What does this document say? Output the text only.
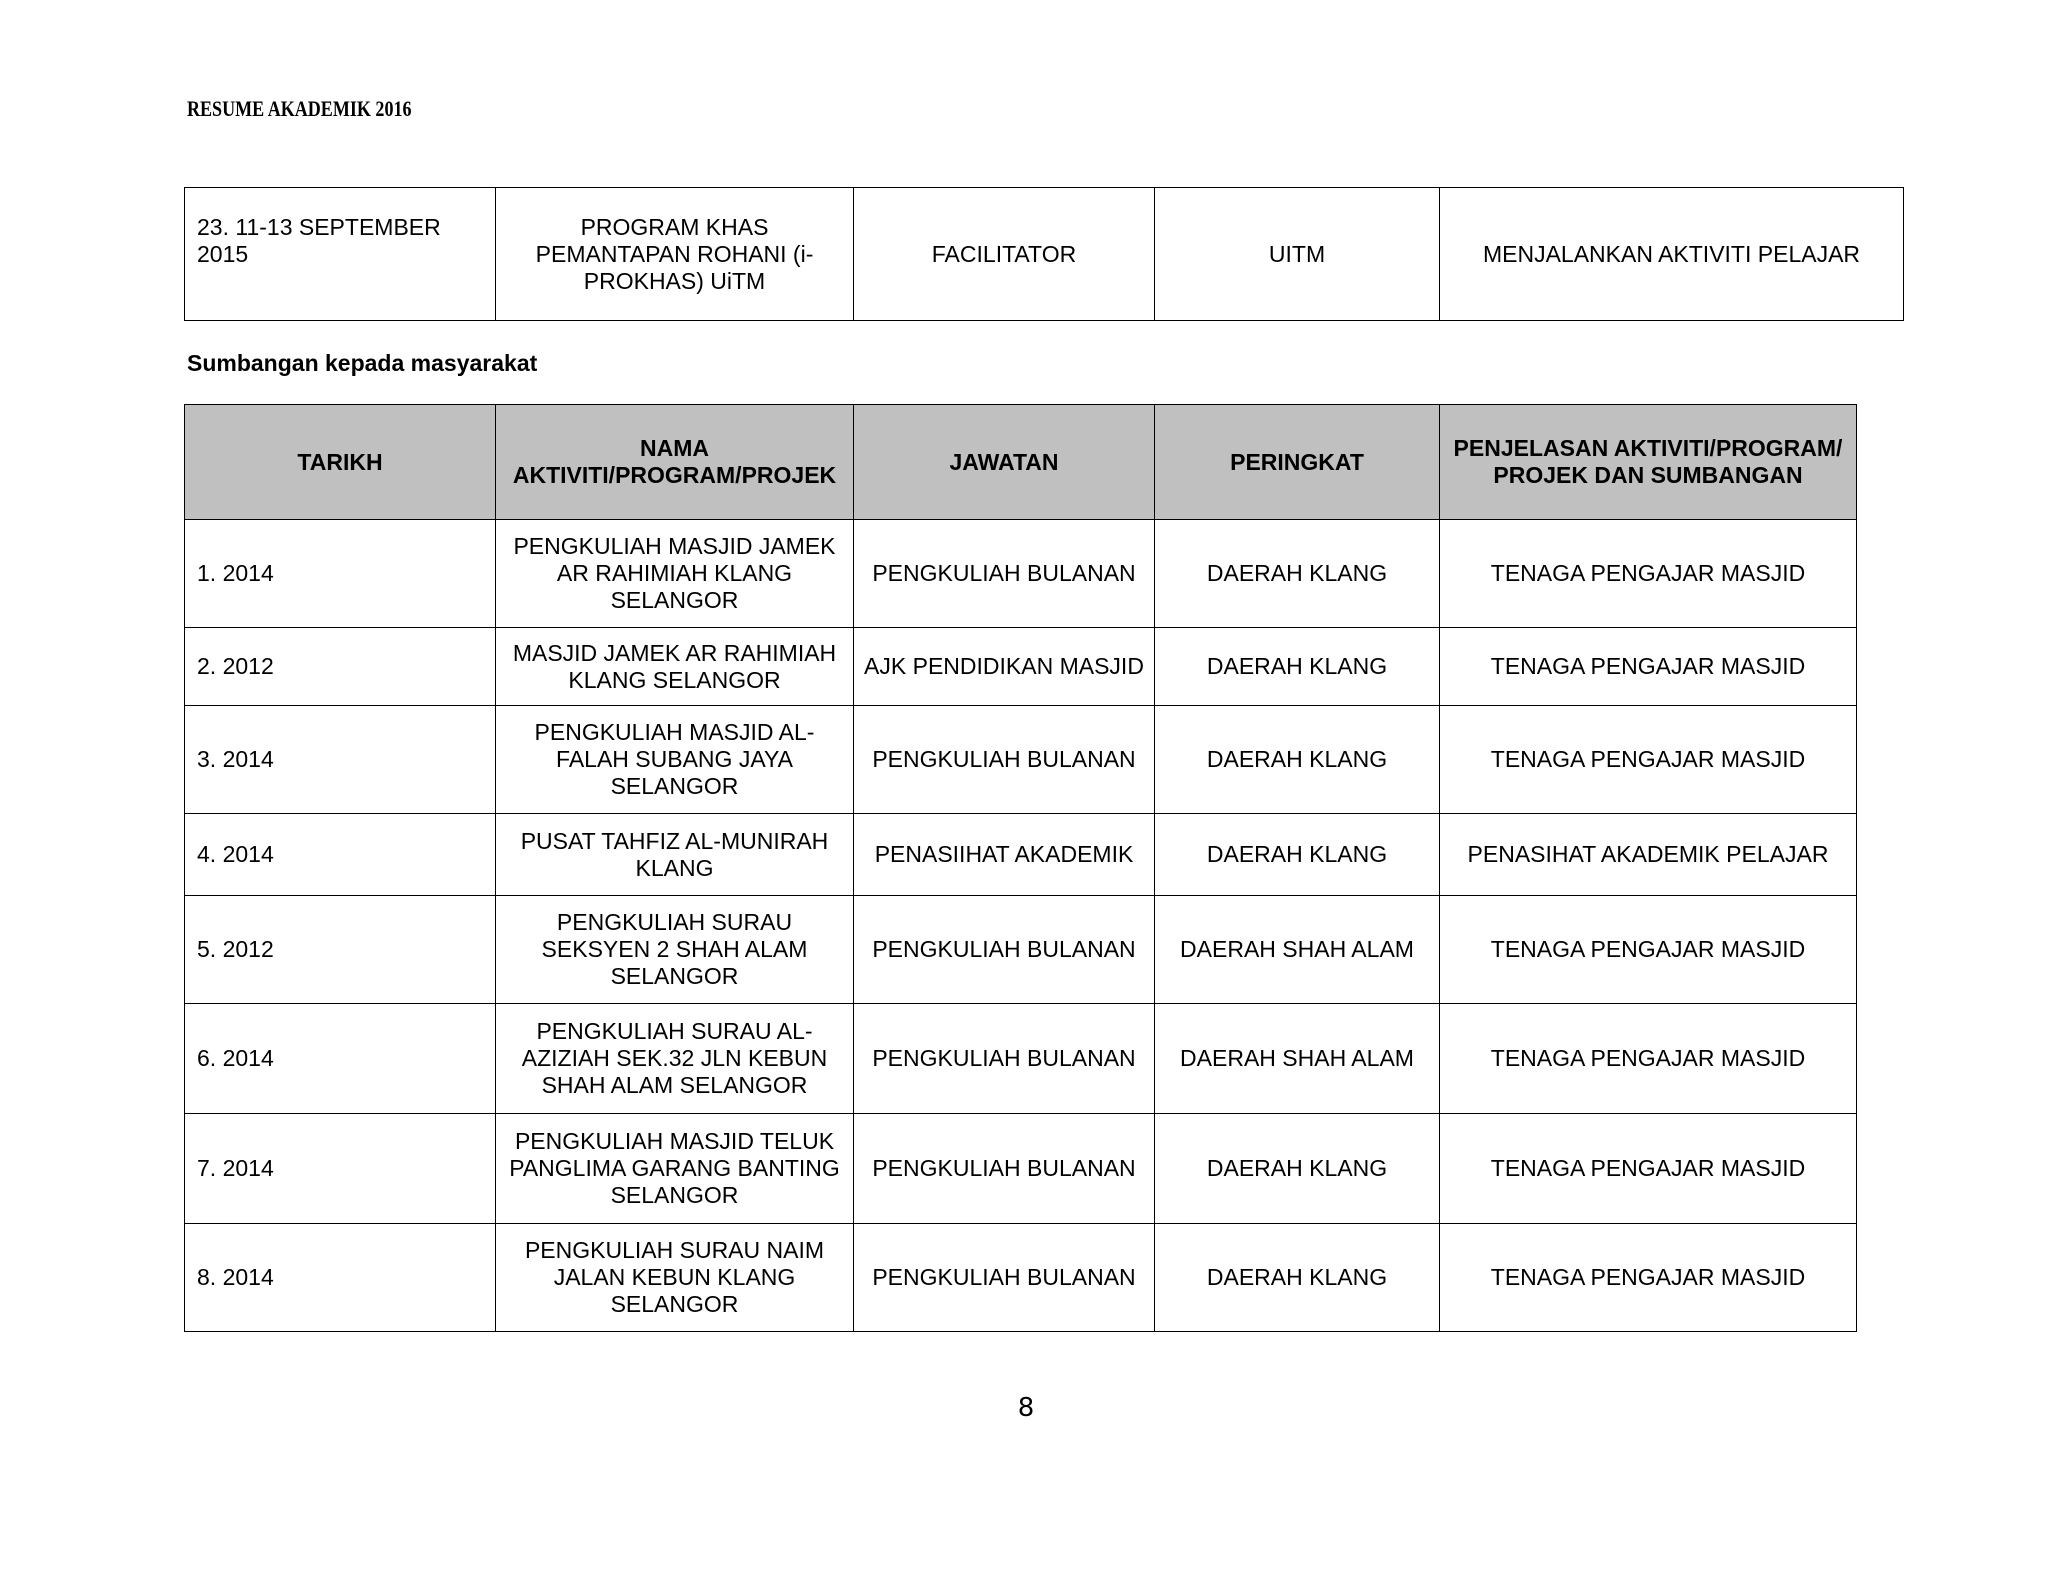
RESUME AKADEMIK 2016
23. 11-13 SEPTEMBER 2015	PROGRAM KHAS PEMANTAPAN ROHANI (i-PROKHAS) UiTM	FACILITATOR	UITM	MENJALANKAN AKTIVITI PELAJAR
Sumbangan kepada masyarakat
TARIKH	NAMA AKTIVITI/PROGRAM/PROJEK	JAWATAN	PERINGKAT	PENJELASAN AKTIVITI/PROGRAM/ PROJEK DAN SUMBANGAN
1. 2014	PENGKULIAH MASJID JAMEK AR RAHIMIAH KLANG SELANGOR	PENGKULIAH BULANAN	DAERAH KLANG	TENAGA PENGAJAR MASJID
2. 2012	MASJID JAMEK AR RAHIMIAH KLANG SELANGOR	AJK PENDIDIKAN MASJID	DAERAH KLANG	TENAGA PENGAJAR MASJID
3. 2014	PENGKULIAH MASJID AL-FALAH SUBANG JAYA SELANGOR	PENGKULIAH BULANAN	DAERAH KLANG	TENAGA PENGAJAR MASJID
4. 2014	PUSAT TAHFIZ AL-MUNIRAH KLANG	PENASIIHAT AKADEMIK	DAERAH KLANG	PENASIHAT AKADEMIK PELAJAR
5. 2012	PENGKULIAH SURAU SEKSYEN 2 SHAH ALAM SELANGOR	PENGKULIAH BULANAN	DAERAH SHAH ALAM	TENAGA PENGAJAR MASJID
6. 2014	PENGKULIAH SURAU AL-AZIZIAH SEK.32 JLN KEBUN SHAH ALAM SELANGOR	PENGKULIAH BULANAN	DAERAH SHAH ALAM	TENAGA PENGAJAR MASJID
7. 2014	PENGKULIAH MASJID TELUK PANGLIMA GARANG BANTING SELANGOR	PENGKULIAH BULANAN	DAERAH KLANG	TENAGA PENGAJAR MASJID
8. 2014	PENGKULIAH SURAU NAIM JALAN KEBUN KLANG SELANGOR	PENGKULIAH BULANAN	DAERAH KLANG	TENAGA PENGAJAR MASJID
8
